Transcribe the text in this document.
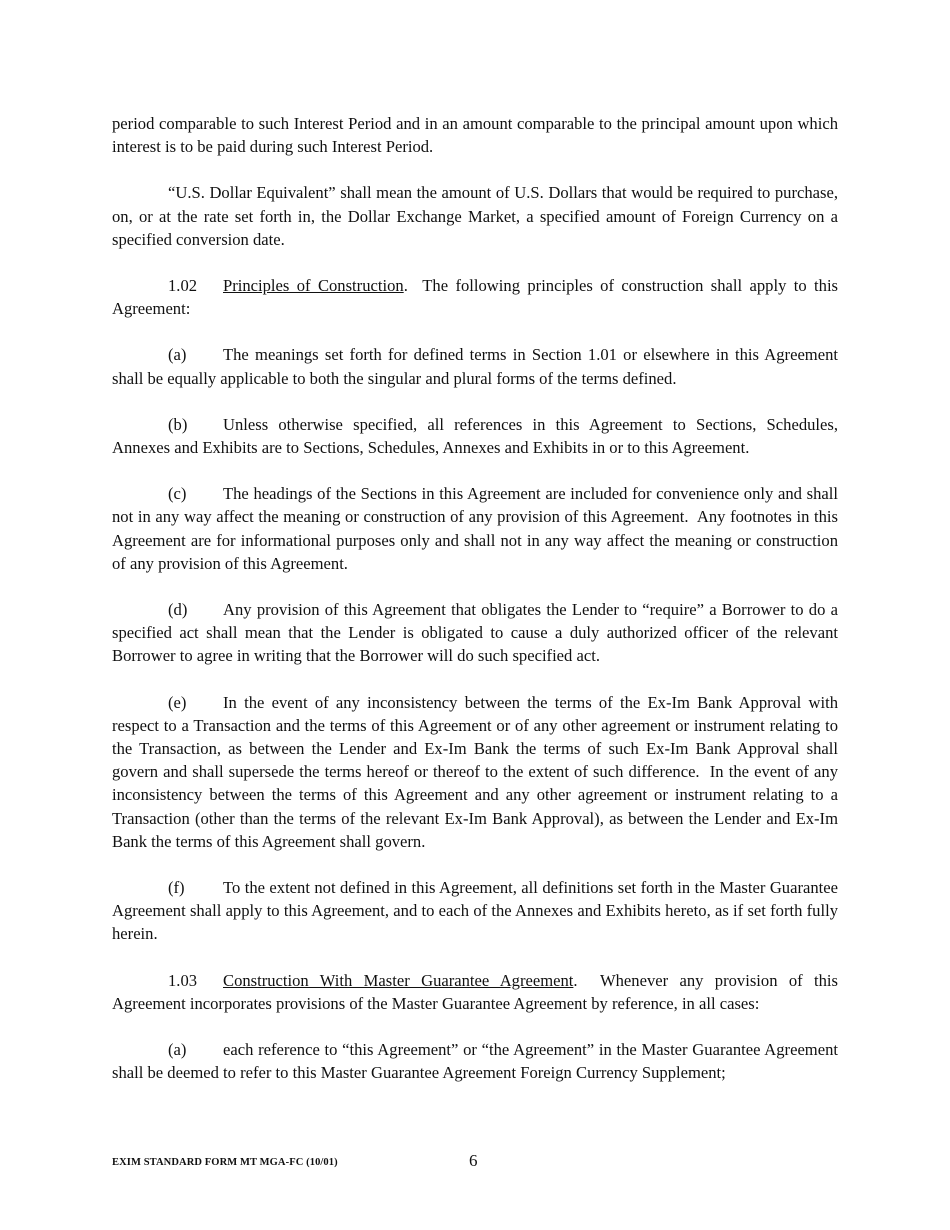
period comparable to such Interest Period and in an amount comparable to the principal amount upon which interest is to be paid during such Interest Period.

“U.S. Dollar Equivalent” shall mean the amount of U.S. Dollars that would be required to purchase, on, or at the rate set forth in, the Dollar Exchange Market, a specified amount of Foreign Currency on a specified conversion date.

1.02 Principles of Construction.  The following principles of construction shall apply to this Agreement:

(a) The meanings set forth for defined terms in Section 1.01 or elsewhere in this Agreement shall be equally applicable to both the singular and plural forms of the terms defined.

(b) Unless otherwise specified, all references in this Agreement to Sections, Schedules, Annexes and Exhibits are to Sections, Schedules, Annexes and Exhibits in or to this Agreement.

(c) The headings of the Sections in this Agreement are included for convenience only and shall not in any way affect the meaning or construction of any provision of this Agreement.  Any footnotes in this Agreement are for informational purposes only and shall not in any way affect the meaning or construction of any provision of this Agreement.

(d) Any provision of this Agreement that obligates the Lender to “require” a Borrower to do a specified act shall mean that the Lender is obligated to cause a duly authorized officer of the relevant Borrower to agree in writing that the Borrower will do such specified act.

(e) In the event of any inconsistency between the terms of the Ex-Im Bank Approval with respect to a Transaction and the terms of this Agreement or of any other agreement or instrument relating to the Transaction, as between the Lender and Ex-Im Bank the terms of such Ex-Im Bank Approval shall govern and shall supersede the terms hereof or thereof to the extent of such difference.  In the event of any inconsistency between the terms of this Agreement and any other agreement or instrument relating to a Transaction (other than the terms of the relevant Ex-Im Bank Approval), as between the Lender and Ex-Im Bank the terms of this Agreement shall govern.

(f) To the extent not defined in this Agreement, all definitions set forth in the Master Guarantee Agreement shall apply to this Agreement, and to each of the Annexes and Exhibits hereto, as if set forth fully herein.

1.03 Construction With Master Guarantee Agreement.  Whenever any provision of this Agreement incorporates provisions of the Master Guarantee Agreement by reference, in all cases:

(a) each reference to “this Agreement” or “the Agreement” in the Master Guarantee Agreement shall be deemed to refer to this Master Guarantee Agreement Foreign Currency Supplement;

EXIM STANDARD FORM MT MGA-FC (10/01)	6
